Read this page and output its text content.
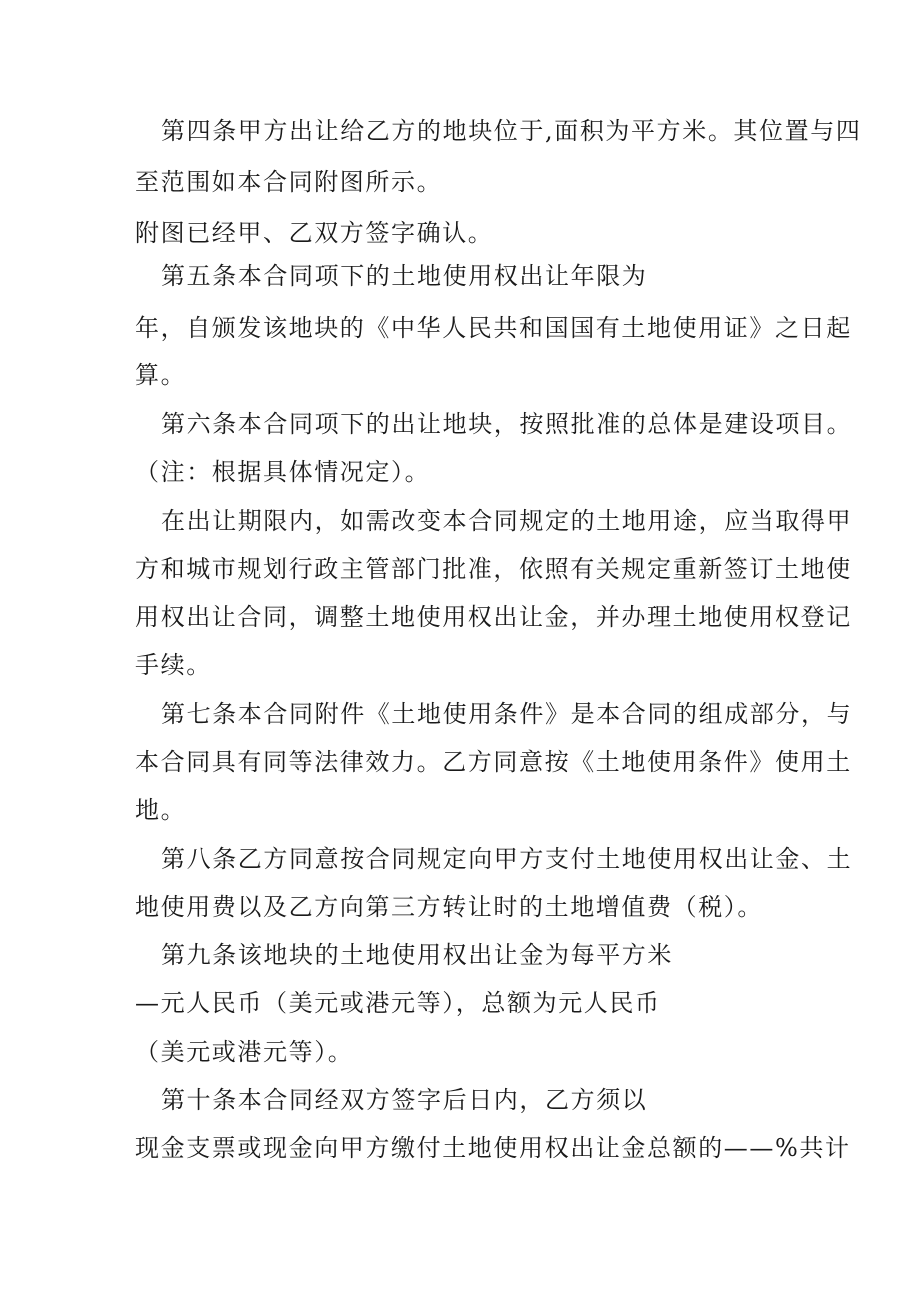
第四条甲方出让给乙方的地块位于,面积为平方米。其位置与四
至范围如本合同附图所示。
附图已经甲、乙双方签字确认。
第五条本合同项下的土地使用权出让年限为
年，自颁发该地块的《中华人民共和国国有土地使用证》之日起
算。
第六条本合同项下的出让地块，按照批准的总体是建设项目。
（注：根据具体情况定）。
在出让期限内，如需改变本合同规定的土地用途，应当取得甲
方和城市规划行政主管部门批准，依照有关规定重新签订土地使
用权出让合同，调整土地使用权出让金，并办理土地使用权登记
手续。
第七条本合同附件《土地使用条件》是本合同的组成部分，与
本合同具有同等法律效力。乙方同意按《土地使用条件》使用土
地。
第八条乙方同意按合同规定向甲方支付土地使用权出让金、土
地使用费以及乙方向第三方转让时的土地增值费（税）。
第九条该地块的土地使用权出让金为每平方米
—元人民币（美元或港元等），总额为元人民币
（美元或港元等）。
第十条本合同经双方签字后日内，乙方须以
现金支票或现金向甲方缴付土地使用权出让金总额的——%共计
